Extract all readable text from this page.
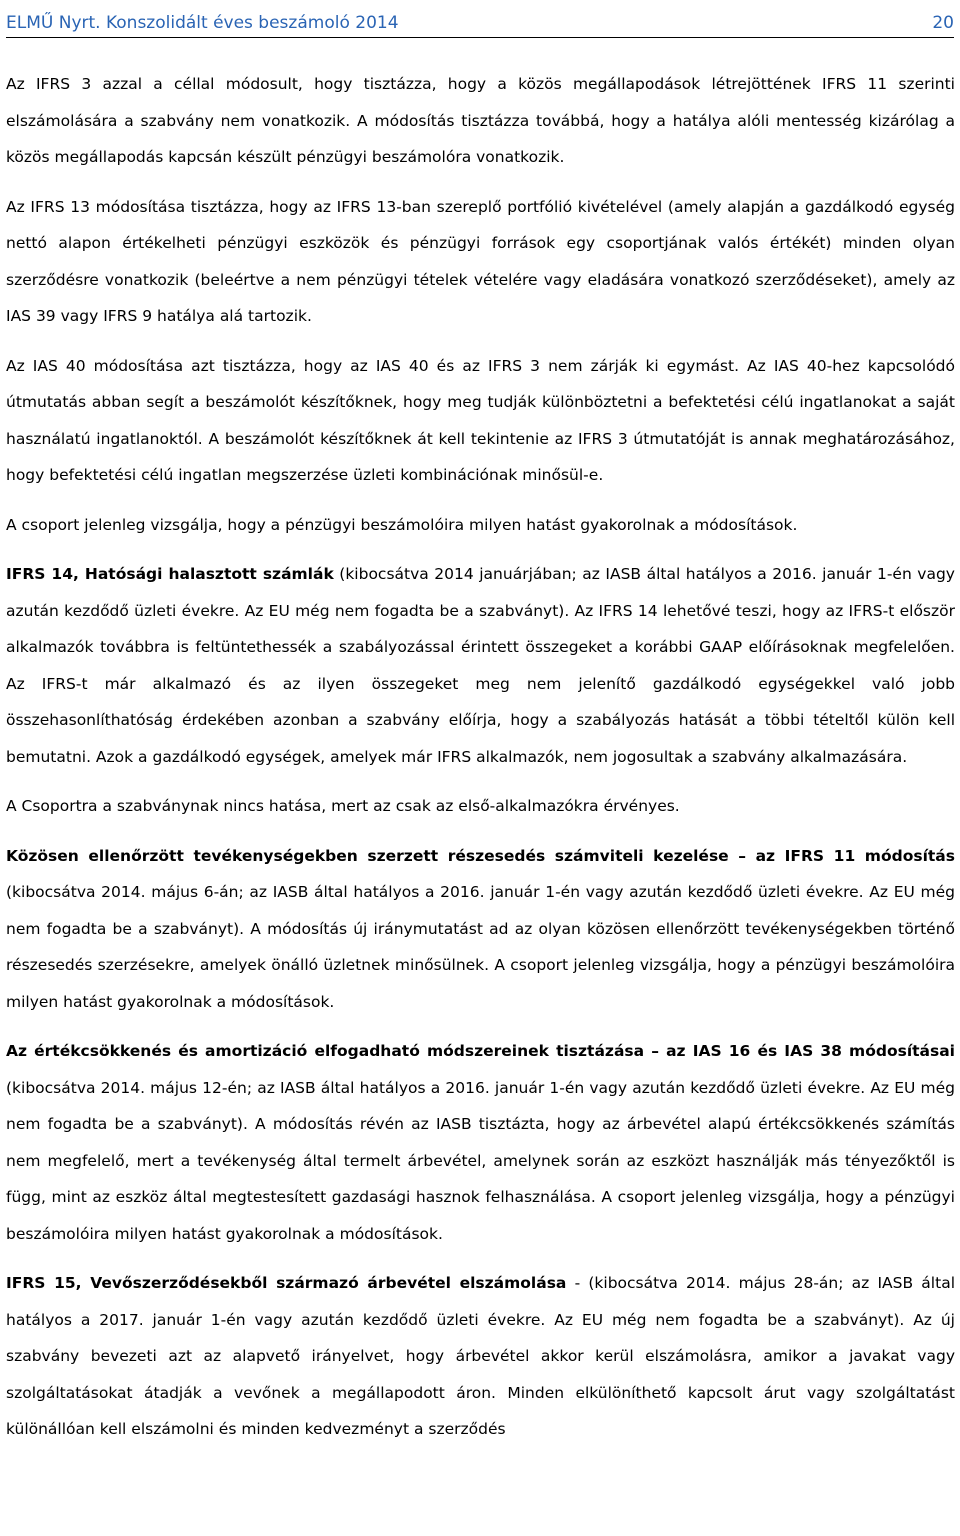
ELMŰ Nyrt. Konszolidált éves beszámoló 2014	20

Az IFRS 3 azzal a céllal módosult, hogy tisztázza, hogy a közös megállapodások létrejöttének IFRS 11 szerinti elszámolására a szabvány nem vonatkozik. A módosítás tisztázza továbbá, hogy a hatálya alóli mentesség kizárólag a közös megállapodás kapcsán készült pénzügyi beszámolóra vonatkozik.

Az IFRS 13 módosítása tisztázza, hogy az IFRS 13-ban szereplő portfólió kivételével (amely alapján a gazdálkodó egység nettó alapon értékelheti pénzügyi eszközök és pénzügyi források egy csoportjának valós értékét) minden olyan szerződésre vonatkozik (beleértve a nem pénzügyi tételek vételére vagy eladására vonatkozó szerződéseket), amely az IAS 39 vagy IFRS 9 hatálya alá tartozik.

Az IAS 40 módosítása azt tisztázza, hogy az IAS 40 és az IFRS 3 nem zárják ki egymást. Az IAS 40-hez kapcsolódó útmutatás abban segít a beszámolót készítőknek, hogy meg tudják különböztetni a befektetési célú ingatlanokat a saját használatú ingatlanoktól. A beszámolót készítőknek át kell tekintenie az IFRS 3 útmutatóját is annak meghatározásához, hogy befektetési célú ingatlan megszerzése üzleti kombinációnak minősül-e.

A csoport jelenleg vizsgálja, hogy a pénzügyi beszámolóira milyen hatást gyakorolnak a módosítások.

IFRS 14, Hatósági halasztott számlák (kibocsátva 2014 januárjában; az IASB által hatályos a 2016. január 1-én vagy azután kezdődő üzleti évekre. Az EU még nem fogadta be a szabványt). Az IFRS 14 lehetővé teszi, hogy az IFRS-t először alkalmazók továbbra is feltüntethessék a szabályozással érintett összegeket a korábbi GAAP előírásoknak megfelelően. Az IFRS-t már alkalmazó és az ilyen összegeket meg nem jelenítő gazdálkodó egységekkel való jobb összehasonlíthatóság érdekében azonban a szabvány előírja, hogy a szabályozás hatását a többi tételtől külön kell bemutatni. Azok a gazdálkodó egységek, amelyek már IFRS alkalmazók, nem jogosultak a szabvány alkalmazására.

A Csoportra a szabványnak nincs hatása, mert az csak az első-alkalmazókra érvényes.

Közösen ellenőrzött tevékenységekben szerzett részesedés számviteli kezelése – az IFRS 11 módosítás (kibocsátva 2014. május 6-án; az IASB által hatályos a 2016. január 1-én vagy azután kezdődő üzleti évekre. Az EU még nem fogadta be a szabványt). A módosítás új iránymutatást ad az olyan közösen ellenőrzött tevékenységekben történő részesedés szerzésekre, amelyek önálló üzletnek minősülnek. A csoport jelenleg vizsgálja, hogy a pénzügyi beszámolóira milyen hatást gyakorolnak a módosítások.

Az értékcsökkenés és amortizáció elfogadható módszereinek tisztázása – az IAS 16 és IAS 38 módosításai (kibocsátva 2014. május 12-én; az IASB által hatályos a 2016. január 1-én vagy azután kezdődő üzleti évekre. Az EU még nem fogadta be a szabványt). A módosítás révén az IASB tisztázta, hogy az árbevétel alapú értékcsökkenés számítás nem megfelelő, mert a tevékenység által termelt árbevétel, amelynek során az eszközt használják más tényezőktől is függ, mint az eszköz által megtestesített gazdasági hasznok felhasználása. A csoport jelenleg vizsgálja, hogy a pénzügyi beszámolóira milyen hatást gyakorolnak a módosítások.

IFRS 15, Vevőszerződésekből származó árbevétel elszámolása - (kibocsátva 2014. május 28-án; az IASB által hatályos a 2017. január 1-én vagy azután kezdődő üzleti évekre. Az EU még nem fogadta be a szabványt). Az új szabvány bevezeti azt az alapvető irányelvet, hogy árbevétel akkor kerül elszámolásra, amikor a javakat vagy szolgáltatásokat átadják a vevőnek a megállapodott áron. Minden elkülöníthető kapcsolt árut vagy szolgáltatást különállóan kell elszámolni és minden kedvezményt a szerződés
